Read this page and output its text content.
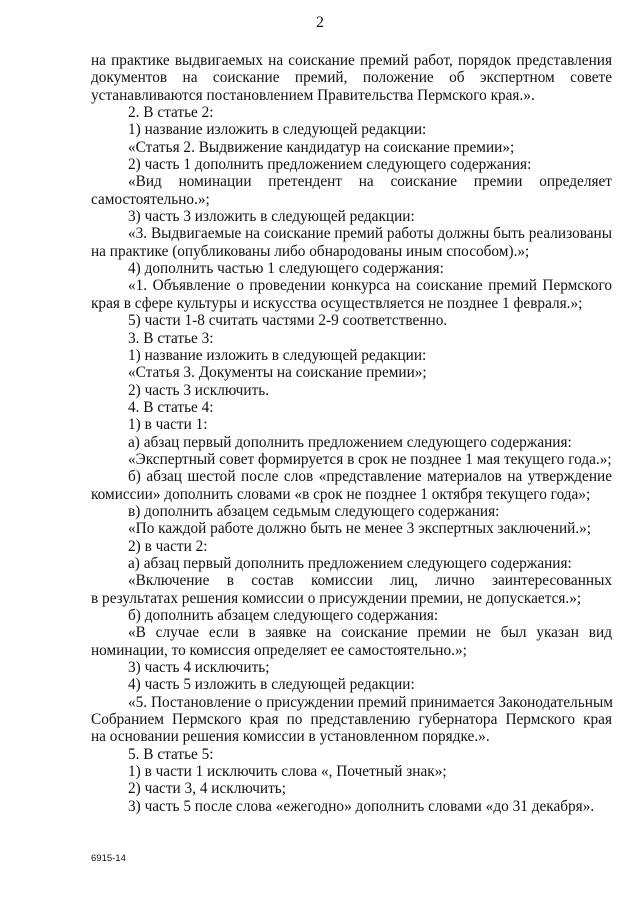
2
на практике выдвигаемых на соискание премий работ, порядок представления
документов на соискание премий, положение об экспертном совете
устанавливаются постановлением Правительства Пермского края.».
2. В статье 2:
1) название изложить в следующей редакции:
«Статья 2. Выдвижение кандидатур на соискание премии»;
2) часть 1 дополнить предложением следующего содержания:
«Вид номинации претендент на соискание премии определяет
самостоятельно.»;
3) часть 3 изложить в следующей редакции:
«3. Выдвигаемые на соискание премий работы должны быть реализованы
на практике (опубликованы либо обнародованы иным способом).»;
4) дополнить частью 1 следующего содержания:
«1. Объявление о проведении конкурса на соискание премий Пермского
края в сфере культуры и искусства осуществляется не позднее 1 февраля.»;
5) части 1-8 считать частями 2-9 соответственно.
3. В статье 3:
1) название изложить в следующей редакции:
«Статья 3. Документы на соискание премии»;
2) часть 3 исключить.
4. В статье 4:
1) в части 1:
а) абзац первый дополнить предложением следующего содержания:
«Экспертный совет формируется в срок не позднее 1 мая текущего года.»;
б) абзац шестой после слов «представление материалов на утверждение
комиссии» дополнить словами «в срок не позднее 1 октября текущего года»;
в) дополнить абзацем седьмым следующего содержания:
«По каждой работе должно быть не менее 3 экспертных заключений.»;
2) в части 2:
а) абзац первый дополнить предложением следующего содержания:
«Включение в состав комиссии лиц, лично заинтересованных
в результатах решения комиссии о присуждении премии, не допускается.»;
б) дополнить абзацем следующего содержания:
«В случае если в заявке на соискание премии не был указан вид
номинации, то комиссия определяет ее самостоятельно.»;
3) часть 4 исключить;
4) часть 5 изложить в следующей редакции:
«5. Постановление о присуждении премий принимается Законодательным
Собранием Пермского края по представлению губернатора Пермского края
на основании решения комиссии в установленном порядке.».
5. В статье 5:
1) в части 1 исключить слова «, Почетный знак»;
2) части 3, 4 исключить;
3) часть 5 после слова «ежегодно» дополнить словами «до 31 декабря».
6915-14
